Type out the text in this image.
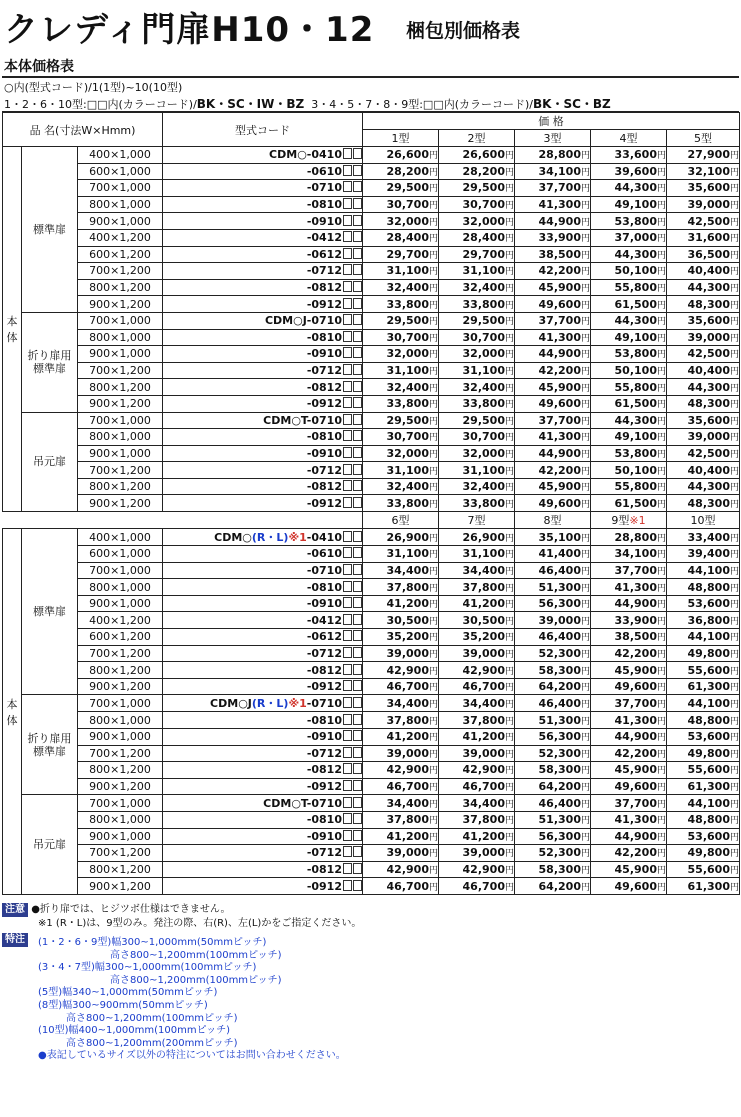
クレディ門扉H10・12 梱包別価格表
本体価格表
○内(型式コード)/1(1型)~10(10型)
1・2・6・10型:□□内(カラーコード)/BK・SC・IW・BZ 3・4・5・7・8・9型:□□内(カラーコード)/BK・SC・BZ
品 名(寸法W×Hmm)			型式コード	価 格				
				1型	2型	3型	4型	5型
本
体	標準扉	400×1,000	CDM○-0410	26,600円	26,600円	28,800円	33,600円	27,900円
		600×1,000	-0610	28,200円	28,200円	34,100円	39,600円	32,100円
		700×1,000	-0710	29,500円	29,500円	37,700円	44,300円	35,600円
		800×1,000	-0810	30,700円	30,700円	41,300円	49,100円	39,000円
		900×1,000	-0910	32,000円	32,000円	44,900円	53,800円	42,500円
		400×1,200	-0412	28,400円	28,400円	33,900円	37,000円	31,600円
		600×1,200	-0612	29,700円	29,700円	38,500円	44,300円	36,500円
		700×1,200	-0712	31,100円	31,100円	42,200円	50,100円	40,400円
		800×1,200	-0812	32,400円	32,400円	45,900円	55,800円	44,300円
		900×1,200	-0912	33,800円	33,800円	49,600円	61,500円	48,300円
	折り扉用
標準扉	700×1,000	CDM○J-0710	29,500円	29,500円	37,700円	44,300円	35,600円
		800×1,000	-0810	30,700円	30,700円	41,300円	49,100円	39,000円
		900×1,000	-0910	32,000円	32,000円	44,900円	53,800円	42,500円
		700×1,200	-0712	31,100円	31,100円	42,200円	50,100円	40,400円
		800×1,200	-0812	32,400円	32,400円	45,900円	55,800円	44,300円
		900×1,200	-0912	33,800円	33,800円	49,600円	61,500円	48,300円
	吊元扉	700×1,000	CDM○T-0710	29,500円	29,500円	37,700円	44,300円	35,600円
		800×1,000	-0810	30,700円	30,700円	41,300円	49,100円	39,000円
		900×1,000	-0910	32,000円	32,000円	44,900円	53,800円	42,500円
		700×1,200	-0712	31,100円	31,100円	42,200円	50,100円	40,400円
		800×1,200	-0812	32,400円	32,400円	45,900円	55,800円	44,300円
		900×1,200	-0912	33,800円	33,800円	49,600円	61,500円	48,300円
				6型	7型	8型	9型※1	10型
本
体	標準扉	400×1,000	CDM○(R・L)※1-0410	26,900円	26,900円	35,100円	28,800円	33,400円
		600×1,000	-0610	31,100円	31,100円	41,400円	34,100円	39,400円
		700×1,000	-0710	34,400円	34,400円	46,400円	37,700円	44,100円
		800×1,000	-0810	37,800円	37,800円	51,300円	41,300円	48,800円
		900×1,000	-0910	41,200円	41,200円	56,300円	44,900円	53,600円
		400×1,200	-0412	30,500円	30,500円	39,000円	33,900円	36,800円
		600×1,200	-0612	35,200円	35,200円	46,400円	38,500円	44,100円
		700×1,200	-0712	39,000円	39,000円	52,300円	42,200円	49,800円
		800×1,200	-0812	42,900円	42,900円	58,300円	45,900円	55,600円
		900×1,200	-0912	46,700円	46,700円	64,200円	49,600円	61,300円
	折り扉用
標準扉	700×1,000	CDM○J(R・L)※1-0710	34,400円	34,400円	46,400円	37,700円	44,100円
		800×1,000	-0810	37,800円	37,800円	51,300円	41,300円	48,800円
		900×1,000	-0910	41,200円	41,200円	56,300円	44,900円	53,600円
		700×1,200	-0712	39,000円	39,000円	52,300円	42,200円	49,800円
		800×1,200	-0812	42,900円	42,900円	58,300円	45,900円	55,600円
		900×1,200	-0912	46,700円	46,700円	64,200円	49,600円	61,300円
	吊元扉	700×1,000	CDM○T-0710	34,400円	34,400円	46,400円	37,700円	44,100円
		800×1,000	-0810	37,800円	37,800円	51,300円	41,300円	48,800円
		900×1,000	-0910	41,200円	41,200円	56,300円	44,900円	53,600円
		700×1,200	-0712	39,000円	39,000円	52,300円	42,200円	49,800円
		800×1,200	-0812	42,900円	42,900円	58,300円	45,900円	55,600円
		900×1,200	-0912	46,700円	46,700円	64,200円	49,600円	61,300円
注意 ●折り扉では、ヒジツボ仕様はできません。
※1 (R・L)は、9型のみ。発注の際、右(R)、左(L)かをご指定ください。
特注	(1・2・6・9型)幅300~1,000mm(50mmピッチ)
高さ800~1,200mm(100mmピッチ)
(3・4・7型)幅300~1,000mm(100mmピッチ)
高さ800~1,200mm(100mmピッチ)
(5型)幅340~1,000mm(50mmピッチ)
(8型)幅300~900mm(50mmピッチ)
高さ800~1,200mm(100mmピッチ)
(10型)幅400~1,000mm(100mmピッチ)
高さ800~1,200mm(200mmピッチ)
●表記しているサイズ以外の特注についてはお問い合わせください。
